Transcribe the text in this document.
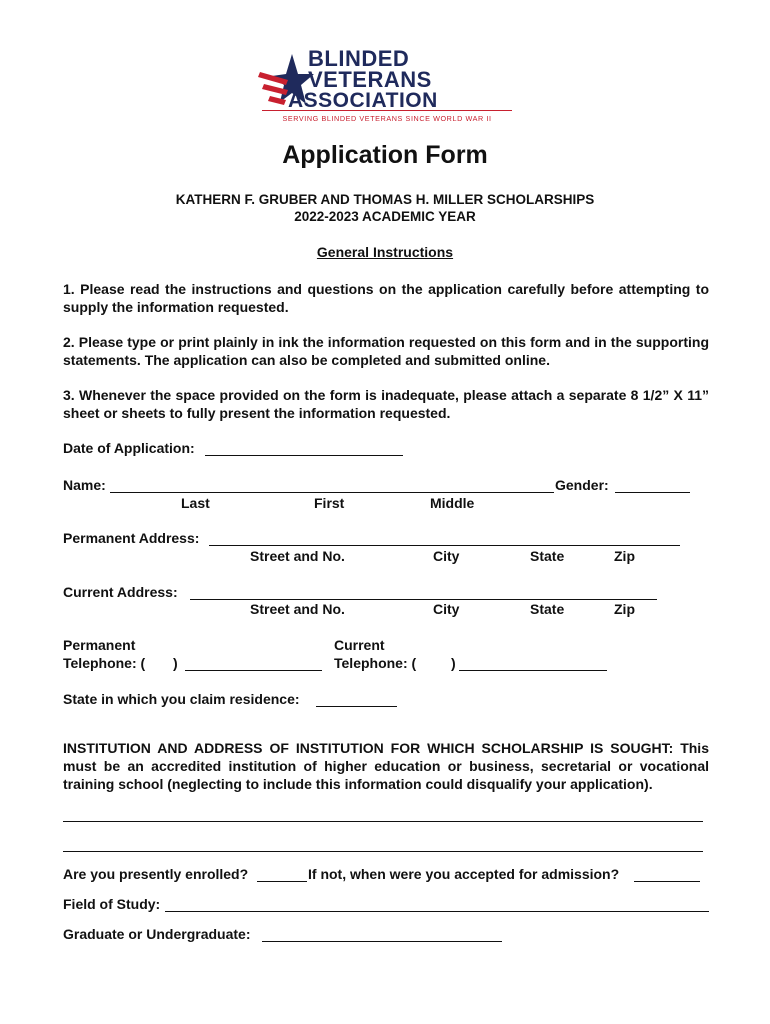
BLINDED
VETERANS
ASSOCIATION
SERVING BLINDED VETERANS SINCE WORLD WAR II
Application Form
KATHERN F. GRUBER AND THOMAS H. MILLER SCHOLARSHIPS
2022-2023 ACADEMIC YEAR
General Instructions
1. Please read the instructions and questions on the application carefully before attempting to supply the information requested.
2. Please type or print plainly in ink the information requested on this form and in the supporting statements. The application can also be completed and submitted online.
3. Whenever the space provided on the form is inadequate, please attach a separate 8 1/2” X 11” sheet or sheets to fully present the information requested.
Date of Application:
Name:	Gender:
Last	First	Middle
Permanent Address:
Street and No.	City	State	Zip
Current Address:
Street and No.	City	State	Zip
Permanent
Telephone: ( )
Current
Telephone: ( )
State in which you claim residence:
INSTITUTION AND ADDRESS OF INSTITUTION FOR WHICH SCHOLARSHIP IS SOUGHT: This must be an accredited institution of higher education or business, secretarial or vocational training school (neglecting to include this information could disqualify your application).
Are you presently enrolled?	If not, when were you accepted for admission?
Field of Study:
Graduate or Undergraduate:
